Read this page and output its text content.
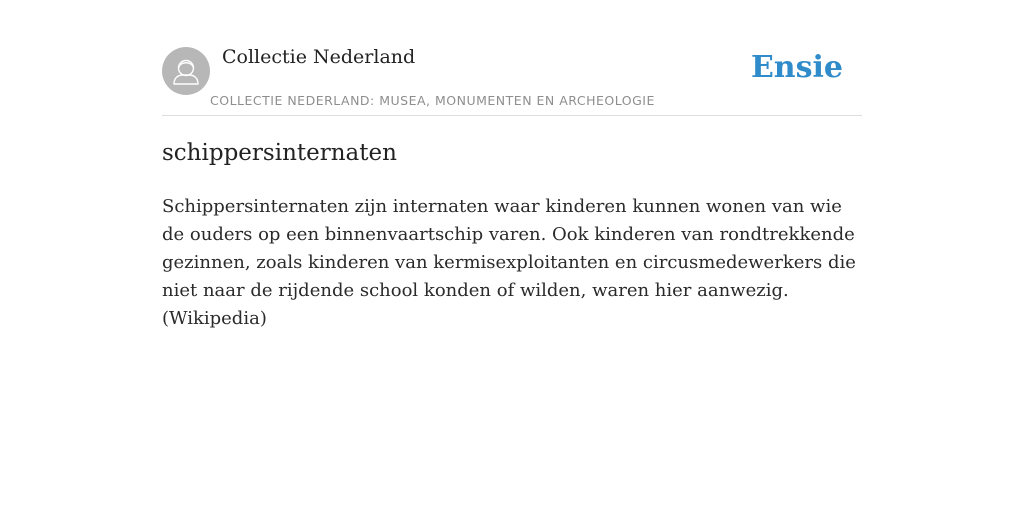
Collectie Nederland
COLLECTIE NEDERLAND: MUSEA, MONUMENTEN EN ARCHEOLOGIE
Ensie
schippersinternaten

Schippersinternaten zijn internaten waar kinderen kunnen wonen van wie de ouders op een binnenvaartschip varen. Ook kinderen van rondtrekkende gezinnen, zoals kinderen van kermisexploitanten en circusmedewerkers die niet naar de rijdende school konden of wilden, waren hier aanwezig. (Wikipedia)
